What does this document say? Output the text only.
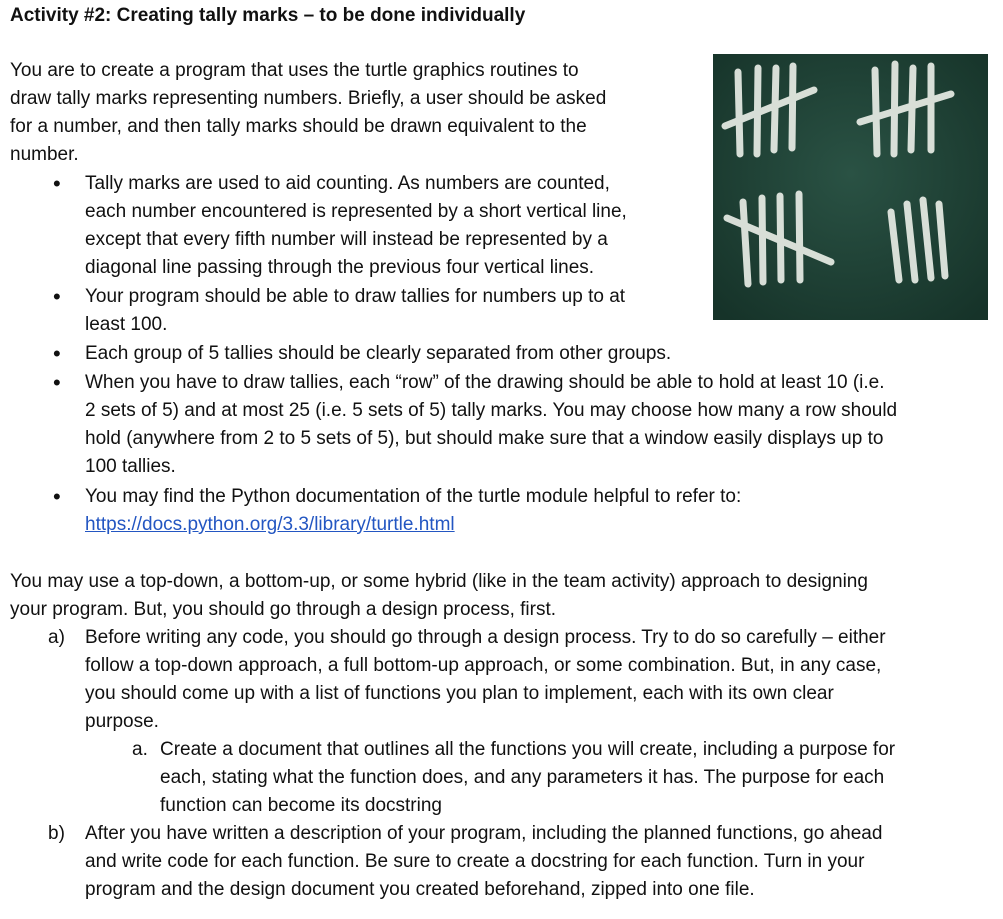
Activity #2: Creating tally marks – to be done individually
You are to create a program that uses the turtle graphics routines to
draw tally marks representing numbers. Briefly, a user should be asked
for a number, and then tally marks should be drawn equivalent to the
number.
• Tally marks are used to aid counting. As numbers are counted,
each number encountered is represented by a short vertical line,
except that every fifth number will instead be represented by a
diagonal line passing through the previous four vertical lines.
• Your program should be able to draw tallies for numbers up to at
least 100.
• Each group of 5 tallies should be clearly separated from other groups.
• When you have to draw tallies, each “row” of the drawing should be able to hold at least 10 (i.e.
2 sets of 5) and at most 25 (i.e. 5 sets of 5) tally marks. You may choose how many a row should
hold (anywhere from 2 to 5 sets of 5), but should make sure that a window easily displays up to
100 tallies.
• You may find the Python documentation of the turtle module helpful to refer to:
https://docs.python.org/3.3/library/turtle.html
You may use a top-down, a bottom-up, or some hybrid (like in the team activity) approach to designing
your program. But, you should go through a design process, first.
a) Before writing any code, you should go through a design process. Try to do so carefully – either
follow a top-down approach, a full bottom-up approach, or some combination. But, in any case,
you should come up with a list of functions you plan to implement, each with its own clear
purpose.
a. Create a document that outlines all the functions you will create, including a purpose for
each, stating what the function does, and any parameters it has. The purpose for each
function can become its docstring
b) After you have written a description of your program, including the planned functions, go ahead
and write code for each function. Be sure to create a docstring for each function. Turn in your
program and the design document you created beforehand, zipped into one file.
